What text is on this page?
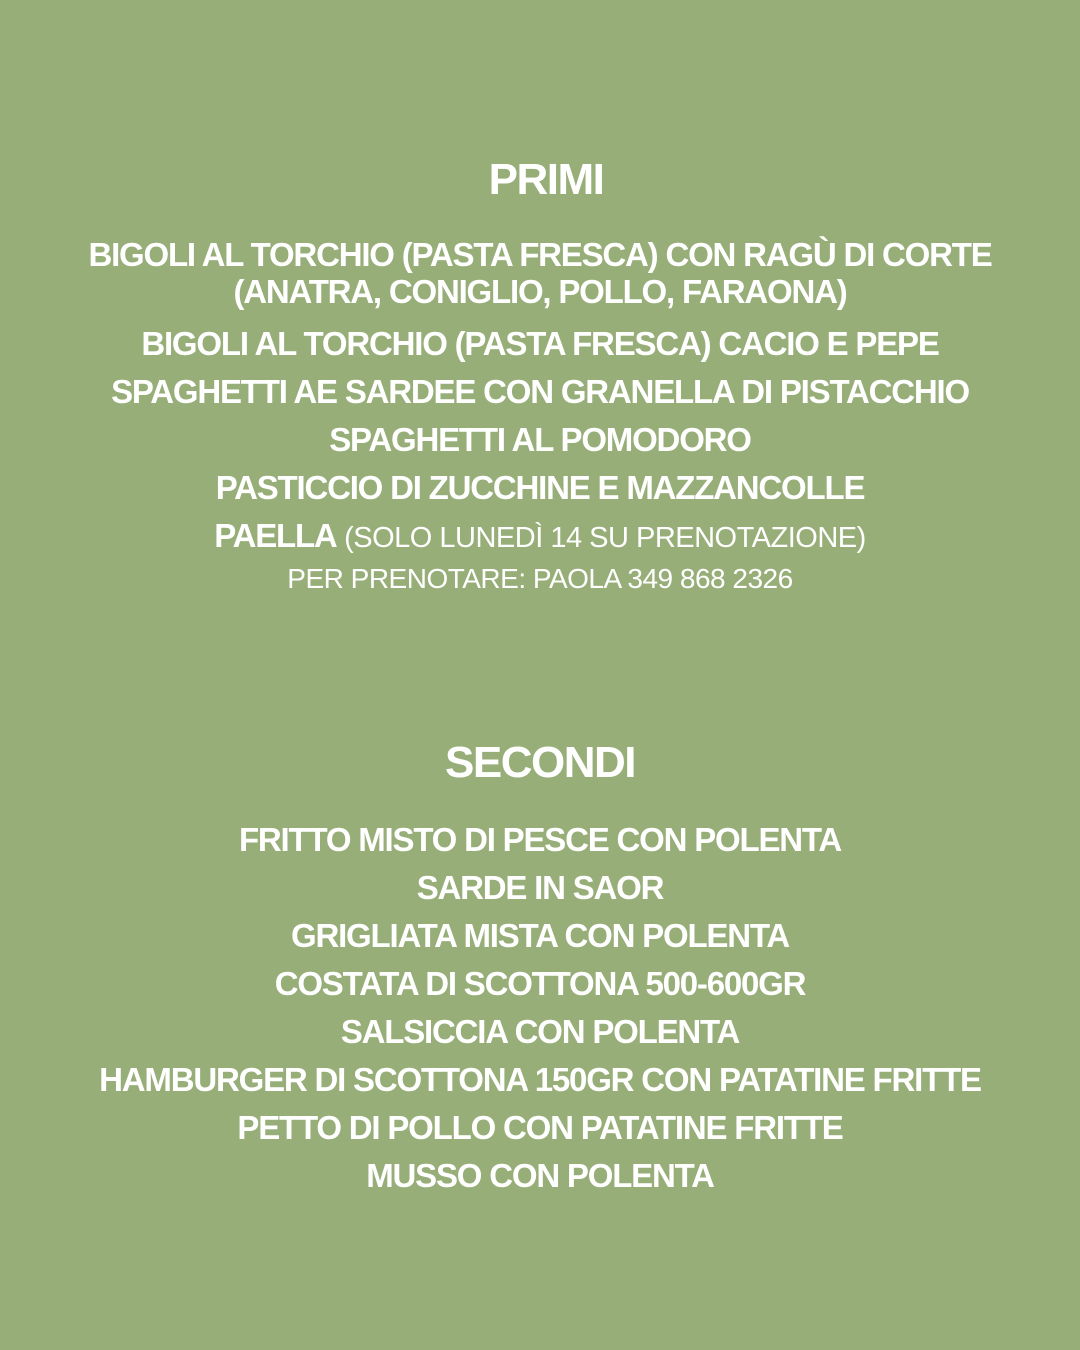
PRIMI
BIGOLI AL TORCHIO (PASTA FRESCA) CON RAGÙ DI CORTE (ANATRA, CONIGLIO, POLLO, FARAONA)
BIGOLI AL TORCHIO (PASTA FRESCA) CACIO E PEPE
SPAGHETTI AE SARDEE CON GRANELLA DI PISTACCHIO
SPAGHETTI AL POMODORO
PASTICCIO DI ZUCCHINE E MAZZANCOLLE
PAELLA (SOLO LUNEDÌ 14 SU PRENOTAZIONE)
PER PRENOTARE: PAOLA 349 868 2326
SECONDI
FRITTO MISTO DI PESCE CON POLENTA
SARDE IN SAOR
GRIGLIATA MISTA CON POLENTA
COSTATA DI SCOTTONA 500-600GR
SALSICCIA CON POLENTA
HAMBURGER DI SCOTTONA 150GR CON PATATINE FRITTE
PETTO DI POLLO CON PATATINE FRITTE
MUSSO CON POLENTA
